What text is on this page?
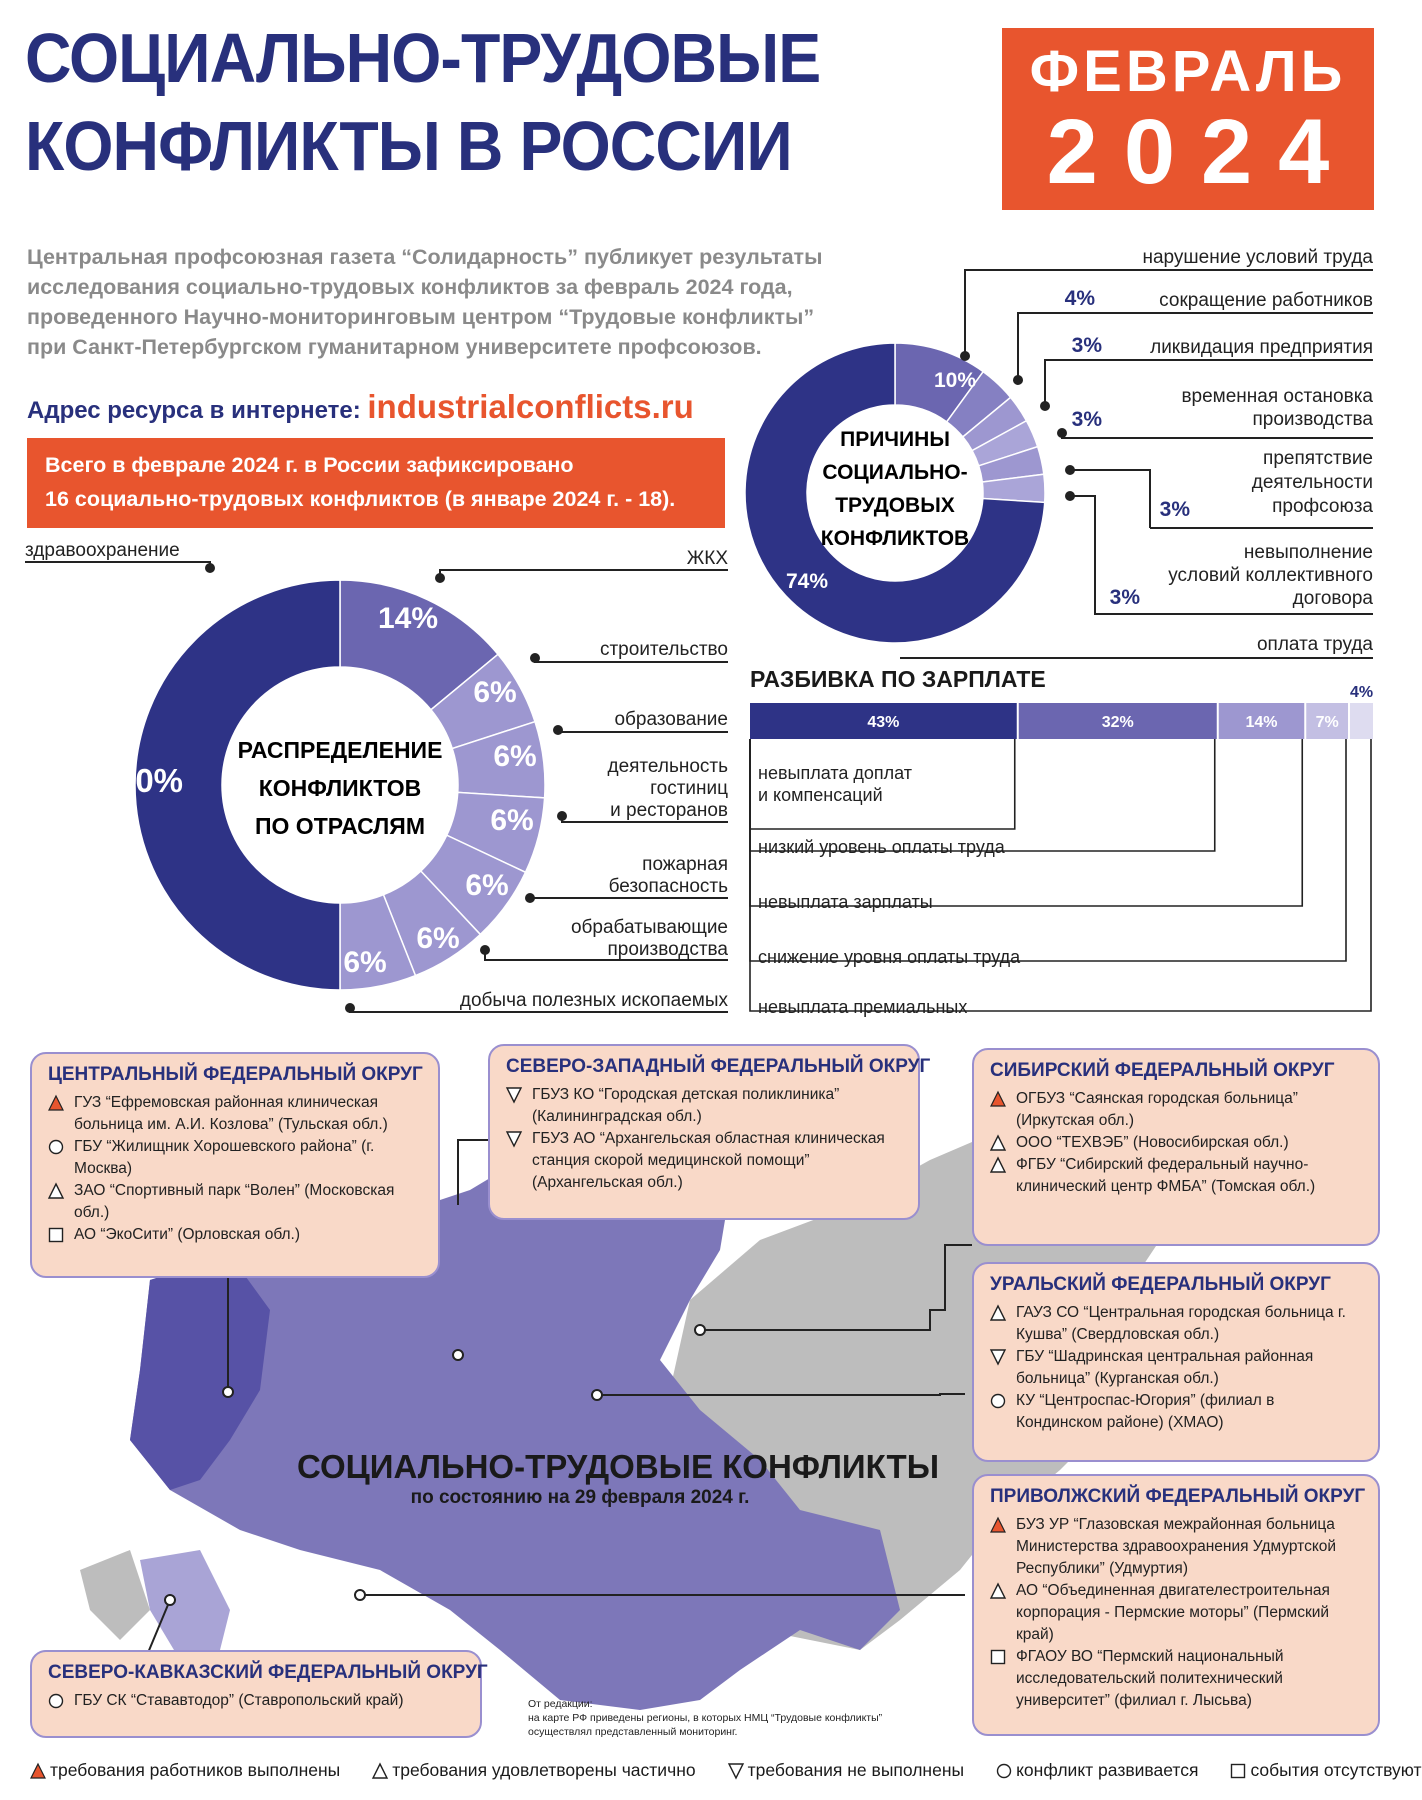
СОЦИАЛЬНО-ТРУДОВЫЕ
КОНФЛИКТЫ В РОССИИ
ФЕВРАЛЬ
2024
Центральная профсоюзная газета “Солидарность” публикует результаты
исследования социально-трудовых конфликтов за февраль 2024 года,
проведенного Научно-мониторинговым центром “Трудовые конфликты”
при Санкт-Петербургском гуманитарном университете профсоюзов.
Адрес ресурса в интернете: industrialconflicts.ru
Всего в феврале 2024 г. в России зафиксировано
16 социально-трудовых конфликтов (в январе 2024 г. - 18).
здравоохранение	ЖКХ
строительство
образование
деятельность
гостиниц
и ресторанов
пожарная
безопасность
обрабатывающие
производства
добыча полезных ископаемых
РАСПРЕДЕЛЕНИЕ
КОНФЛИКТОВ
ПО ОТРАСЛЯМ
50%
14%
6%
6%
6%
6%
6%
6%
нарушение условий труда
сокращение работников
ликвидация предприятия
временная остановка
производства
препятствие
деятельности
профсоюза
невыполнение
условий коллективного
договора
оплата труда
4%
3%
3%
3%
3%
10%
74%
ПРИЧИНЫ
СОЦИАЛЬНО-
ТРУДОВЫХ
КОНФЛИКТОВ
РАЗБИВКА ПО ЗАРПЛАТЕ
43%	32%	14% 7%
4%
невыплата доплат
и компенсаций
низкий уровень оплаты труда
невыплата зарплаты
снижение уровня оплаты труда
невыплата премиальных
СОЦИАЛЬНО-ТРУДОВЫЕ КОНФЛИКТЫ
по состоянию на 29 февраля 2024 г.
ЦЕНТРАЛЬНЫЙ ФЕДЕРАЛЬНЫЙ ОКРУГ
ГУЗ “Ефремовская районная клиническая больница им. А.И. Козлова” (Тульская обл.)
ГБУ “Жилищник Хорошевского района” (г. Москва)
ЗАО “Спортивный парк “Волен” (Московская обл.)
АО “ЭкоСити” (Орловская обл.)
СЕВЕРО-ЗАПАДНЫЙ ФЕДЕРАЛЬНЫЙ ОКРУГ
ГБУЗ КО “Городская детская поликлиника” (Калининградская обл.)
ГБУЗ АО “Архангельская областная клиническая станция скорой медицинской помощи” (Архангельская обл.)
СИБИРСКИЙ ФЕДЕРАЛЬНЫЙ ОКРУГ
ОГБУЗ “Саянская городская больница” (Иркутская обл.)
ООО “ТЕХВЭБ” (Новосибирская обл.)
ФГБУ “Сибирский федеральный научно-клинический центр ФМБА” (Томская обл.)
УРАЛЬСКИЙ ФЕДЕРАЛЬНЫЙ ОКРУГ
ГАУЗ СО “Центральная городская больница г. Кушва” (Свердловская обл.)
ГБУ “Шадринская центральная районная больница” (Курганская обл.)
КУ “Центроспас-Югория” (филиал в Кондинском районе) (ХМАО)
ПРИВОЛЖСКИЙ ФЕДЕРАЛЬНЫЙ ОКРУГ
БУЗ УР “Глазовская межрайонная больница Министерства здравоохранения Удмуртской Республики” (Удмуртия)
АО “Объединенная двигателестроительная корпорация - Пермские моторы” (Пермский край)
ФГАОУ ВО “Пермский национальный исследовательский политехнический университет” (филиал г. Лысьва)
СЕВЕРО-КАВКАЗСКИЙ ФЕДЕРАЛЬНЫЙ ОКРУГ
ГБУ СК “Стававтодор” (Ставропольский край)	От редакции:
на карте РФ приведены регионы, в которых НМЦ “Трудовые конфликты”
осуществлял представленный мониторинг.
требования работников выполнены	требования удовлетворены частично	требования не выполнены	конфликт развивается	события отсутствуют
